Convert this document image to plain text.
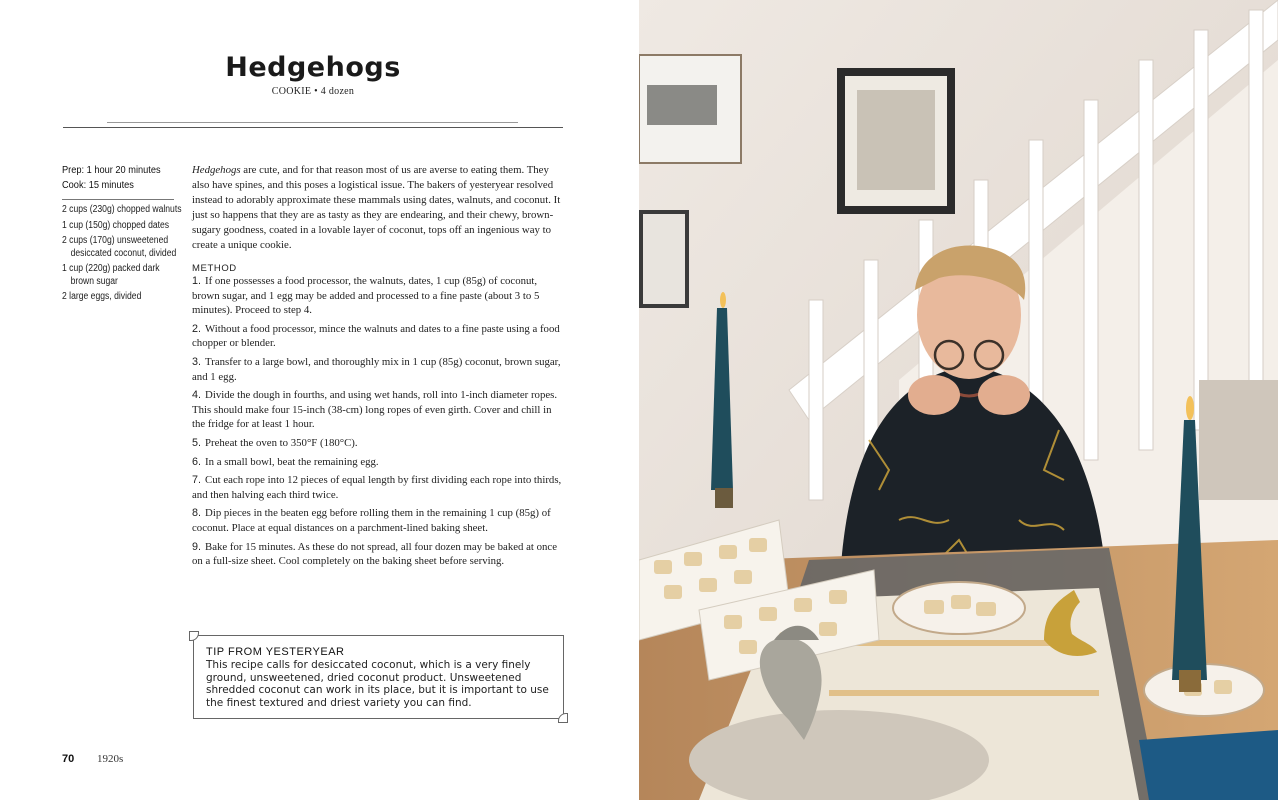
Hedgehogs
COOKIE • 4 dozen
Prep: 1 hour 20 minutes
Cook: 15 minutes
2 cups (230g) chopped walnuts
1 cup (150g) chopped dates
2 cups (170g) unsweetened desiccated coconut, divided
1 cup (220g) packed dark brown sugar
2 large eggs, divided

Hedgehogs are cute, and for that reason most of us are averse to eating them. They also have spines, and this poses a logistical issue. The bakers of yesteryear resolved instead to adorably approximate these mammals using dates, walnuts, and coconut. It just so happens that they are as tasty as they are endearing, and their chewy, brown-sugary goodness, coated in a lovable layer of coconut, tops off an ingenious way to create a unique cookie.

METHOD
1. If one possesses a food processor, the walnuts, dates, 1 cup (85g) of coconut, brown sugar, and 1 egg may be added and processed to a fine paste (about 3 to 5 minutes). Proceed to step 4.
2. Without a food processor, mince the walnuts and dates to a fine paste using a food chopper or blender.
3. Transfer to a large bowl, and thoroughly mix in 1 cup (85g) coconut, brown sugar, and 1 egg.
4. Divide the dough in fourths, and using wet hands, roll into 1-inch diameter ropes. This should make four 15-inch (38-cm) long ropes of even girth. Cover and chill in the fridge for at least 1 hour.
5. Preheat the oven to 350°F (180°C).
6. In a small bowl, beat the remaining egg.
7. Cut each rope into 12 pieces of equal length by first dividing each rope into thirds, and then halving each third twice.
8. Dip pieces in the beaten egg before rolling them in the remaining 1 cup (85g) of coconut. Place at equal distances on a parchment-lined baking sheet.
9. Bake for 15 minutes. As these do not spread, all four dozen may be baked at once on a full-size sheet. Cool completely on the baking sheet before serving.
TIP FROM YESTERYEAR
This recipe calls for desiccated coconut, which is a very finely ground, unsweetened, dried coconut product. Unsweetened shredded coconut can work in its place, but it is important to use the finest textured and driest variety you can find.
70 1920s
